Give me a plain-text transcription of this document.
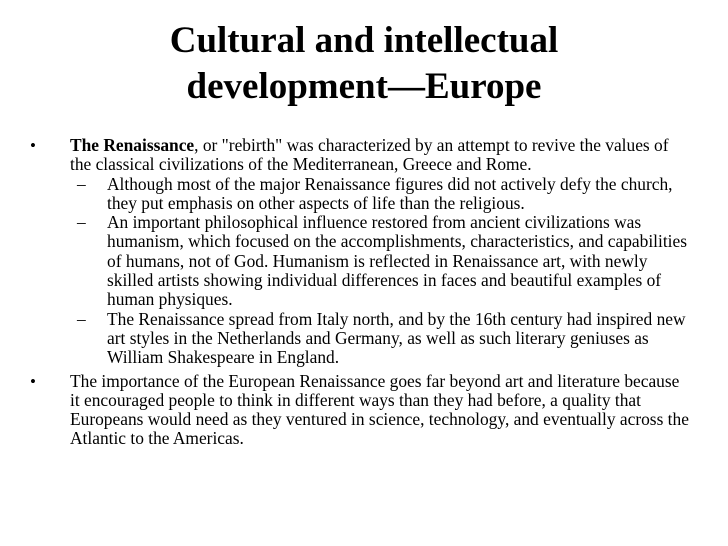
Cultural and intellectual
development—Europe
• The Renaissance, or "rebirth" was characterized by an attempt to revive the values of the classical civilizations of the Mediterranean, Greece and Rome.
– Although most of the major Renaissance figures did not actively defy the church, they put emphasis on other aspects of life than the religious.
– An important philosophical influence restored from ancient civilizations was humanism, which focused on the accomplishments, characteristics, and capabilities of humans, not of God. Humanism is reflected in Renaissance art, with newly skilled artists showing individual differences in faces and beautiful examples of human physiques.
– The Renaissance spread from Italy north, and by the 16th century had inspired new art styles in the Netherlands and Germany, as well as such literary geniuses as William Shakespeare in England.
• The importance of the European Renaissance goes far beyond art and literature because it encouraged people to think in different ways than they had before, a quality that Europeans would need as they ventured in science, technology, and eventually across the Atlantic to the Americas.
